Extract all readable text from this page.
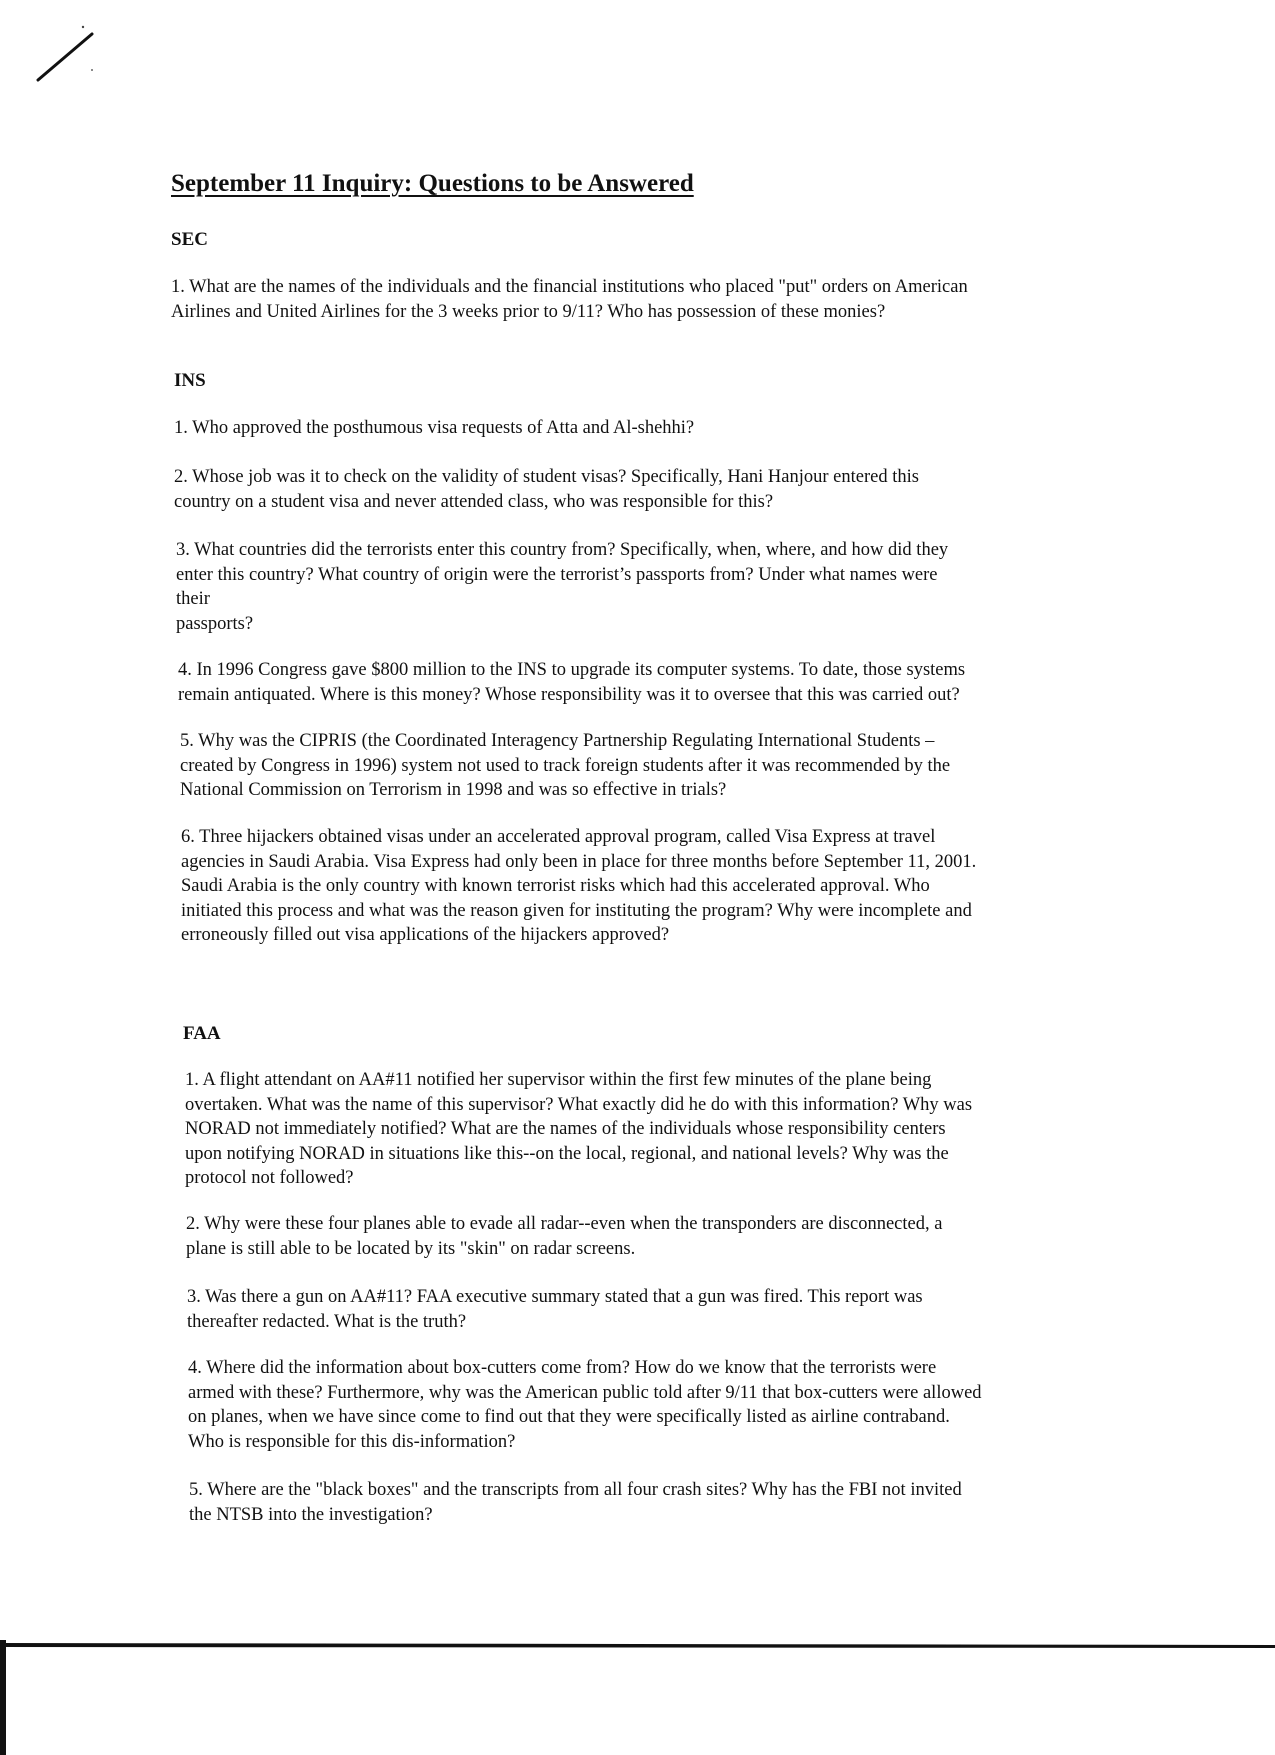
September 11 Inquiry: Questions to be Answered
SEC

1. What are the names of the individuals and the financial institutions who placed "put" orders on American
Airlines and United Airlines for the 3 weeks prior to 9/11? Who has possession of these monies?

INS

1. Who approved the posthumous visa requests of Atta and Al-shehhi?

2. Whose job was it to check on the validity of student visas? Specifically, Hani Hanjour entered this
country on a student visa and never attended class, who was responsible for this?

3. What countries did the terrorists enter this country from? Specifically, when, where, and how did they
enter this country? What country of origin were the terrorist’s passports from? Under what names were
their
passports?

4. In 1996 Congress gave $800 million to the INS to upgrade its computer systems. To date, those systems
remain antiquated. Where is this money? Whose responsibility was it to oversee that this was carried out?

5. Why was the CIPRIS (the Coordinated Interagency Partnership Regulating International Students –
created by Congress in 1996) system not used to track foreign students after it was recommended by the
National Commission on Terrorism in 1998 and was so effective in trials?

6. Three hijackers obtained visas under an accelerated approval program, called Visa Express at travel
agencies in Saudi Arabia. Visa Express had only been in place for three months before September 11, 2001.
Saudi Arabia is the only country with known terrorist risks which had this accelerated approval. Who
initiated this process and what was the reason given for instituting the program? Why were incomplete and
erroneously filled out visa applications of the hijackers approved?

FAA

1. A flight attendant on AA#11 notified her supervisor within the first few minutes of the plane being
overtaken. What was the name of this supervisor? What exactly did he do with this information? Why was
NORAD not immediately notified? What are the names of the individuals whose responsibility centers
upon notifying NORAD in situations like this--on the local, regional, and national levels? Why was the
protocol not followed?

2. Why were these four planes able to evade all radar--even when the transponders are disconnected, a
plane is still able to be located by its "skin" on radar screens.

3. Was there a gun on AA#11? FAA executive summary stated that a gun was fired. This report was
thereafter redacted. What is the truth?

4. Where did the information about box-cutters come from? How do we know that the terrorists were
armed with these? Furthermore, why was the American public told after 9/11 that box-cutters were allowed
on planes, when we have since come to find out that they were specifically listed as airline contraband.
Who is responsible for this dis-information?

5. Where are the "black boxes" and the transcripts from all four crash sites? Why has the FBI not invited
the NTSB into the investigation?
